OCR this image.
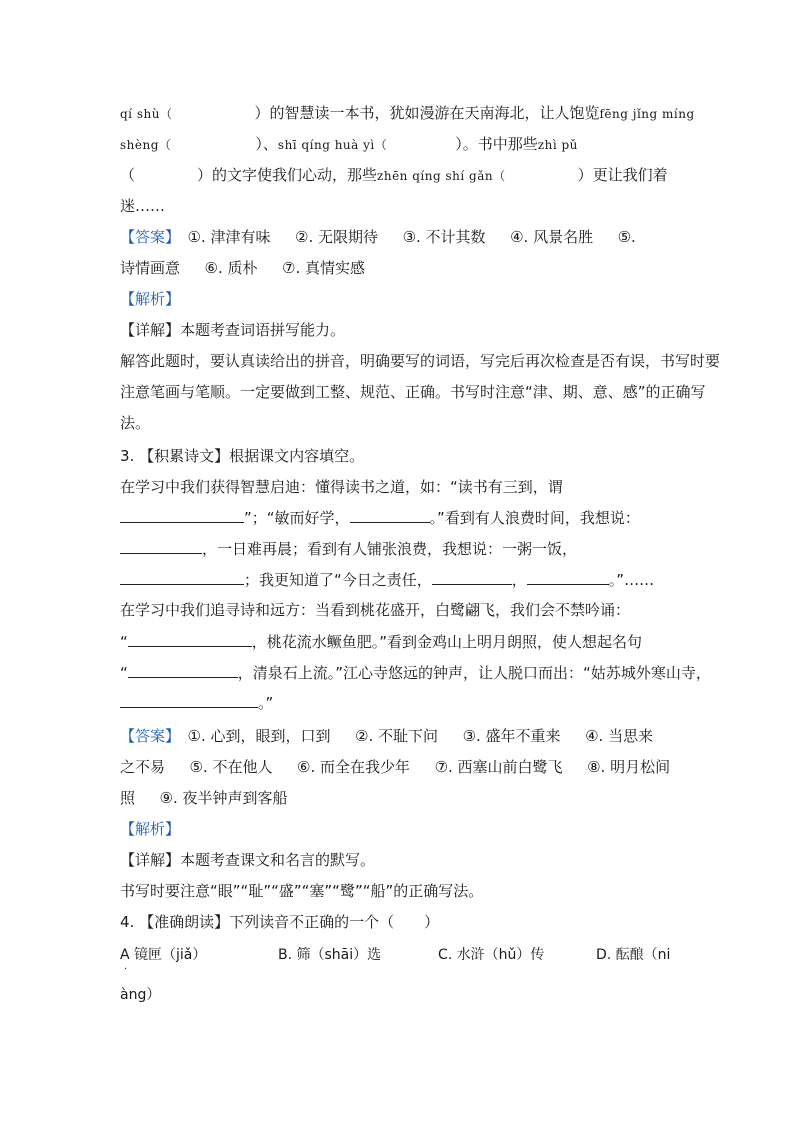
qí shù（	）的智慧读一本书，犹如漫游在天南海北，让人饱览fēng jǐng míng
shèng（	）、shī qíng huà yì（	）。书中那些zhì pǔ
（	）的文字使我们心动，那些zhēn qíng shí gǎn（	）更让我们着
迷……
【答案】　 ①. 津津有味 　 ②. 无限期待 　 ③. 不计其数 　 ④. 风景名胜 　 ⑤.
诗情画意 　 ⑥. 质朴 　 ⑦. 真情实感
【解析】
【详解】本题考查词语拼写能力。
解答此题时，要认真读给出的拼音，明确要写的词语，写完后再次检查是否有误，书写时要
注意笔画与笔顺。一定要做到工整、规范、正确。书写时注意“津、期、意、感”的正确写
法。
3. 【积累诗文】根据课文内容填空。
在学习中我们获得智慧启迪：懂得读书之道，如：“读书有三到，谓
”；“敏而好学，	。”看到有人浪费时间，我想说：
，一日难再晨；看到有人铺张浪费，我想说：一粥一饭，
；我更知道了“今日之责任，	，	。”……
在学习中我们追寻诗和远方：当看到桃花盛开，白鹭翩飞，我们会不禁吟诵：
“	，桃花流水鳜鱼肥。”看到金鸡山上明月朗照，使人想起名句
“	，清泉石上流。”江心寺悠远的钟声，让人脱口而出：“姑苏城外寒山寺，
。”
【答案】　 ①. 心到，眼到，口到 　 ②. 不耻下问 　 ③. 盛年不重来 　 ④. 当思来
之不易 　 ⑤. 不在他人 　 ⑥. 而全在我少年 　 ⑦. 西塞山前白鹭飞 　 ⑧. 明月松间
照 　 ⑨. 夜半钟声到客船
【解析】
【详解】本题考查课文和名言的默写。
书写时要注意“眼”“耻”“盛”“塞”“鹭”“船”的正确写法。
4. 【准确朗读】下列读音不正确的一个（　　）
A 镜匣（jiǎ）
·
B. 筛（shāi）选	C. 水浒（hǔ）传	D. 酝酿（ni
àng）
